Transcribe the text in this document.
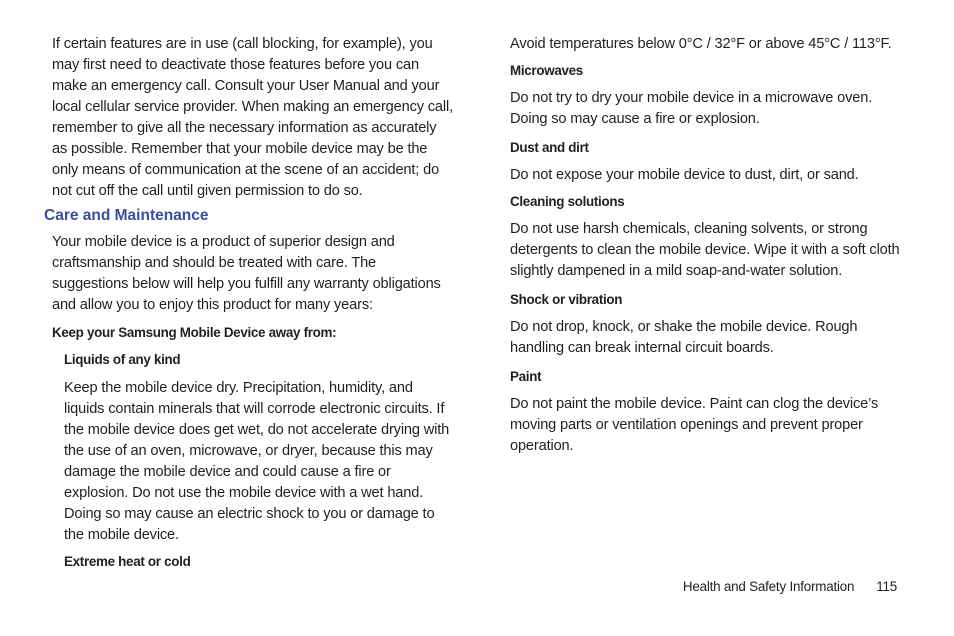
If certain features are in use (call blocking, for example), you may first need to deactivate those features before you can make an emergency call. Consult your User Manual and your local cellular service provider. When making an emergency call, remember to give all the necessary information as accurately as possible. Remember that your mobile device may be the only means of communication at the scene of an accident; do not cut off the call until given permission to do so.

Care and Maintenance

Your mobile device is a product of superior design and craftsmanship and should be treated with care. The suggestions below will help you fulfill any warranty obligations and allow you to enjoy this product for many years:

Keep your Samsung Mobile Device away from:
Liquids of any kind

Keep the mobile device dry. Precipitation, humidity, and liquids contain minerals that will corrode electronic circuits. If the mobile device does get wet, do not accelerate drying with the use of an oven, microwave, or dryer, because this may damage the mobile device and could cause a fire or explosion. Do not use the mobile device with a wet hand. Doing so may cause an electric shock to you or damage to the mobile device.

Extreme heat or cold

Avoid temperatures below 0°C / 32°F or above 45°C / 113°F.

Microwaves

Do not try to dry your mobile device in a microwave oven. Doing so may cause a fire or explosion.

Dust and dirt

Do not expose your mobile device to dust, dirt, or sand.

Cleaning solutions

Do not use harsh chemicals, cleaning solvents, or strong detergents to clean the mobile device. Wipe it with a soft cloth slightly dampened in a mild soap-and-water solution.

Shock or vibration

Do not drop, knock, or shake the mobile device. Rough handling can break internal circuit boards.

Paint

Do not paint the mobile device. Paint can clog the device’s moving parts or ventilation openings and prevent proper operation.

Health and Safety Information 115
